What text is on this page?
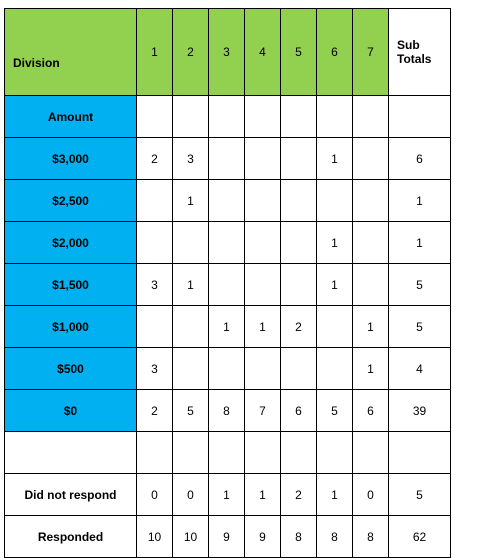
Division	1	2	3	4	5	6	7	Sub
Totals
Amount								
$3,000	2	3				1		6
$2,500		1						1
$2,000						1		1
$1,500	3	1				1		5
$1,000			1	1	2		1	5
$500	3						1	4
$0	2	5	8	7	6	5	6	39

Did not respond	0	0	1	1	2	1	0	5
Responded	10	10	9	9	8	8	8	62
